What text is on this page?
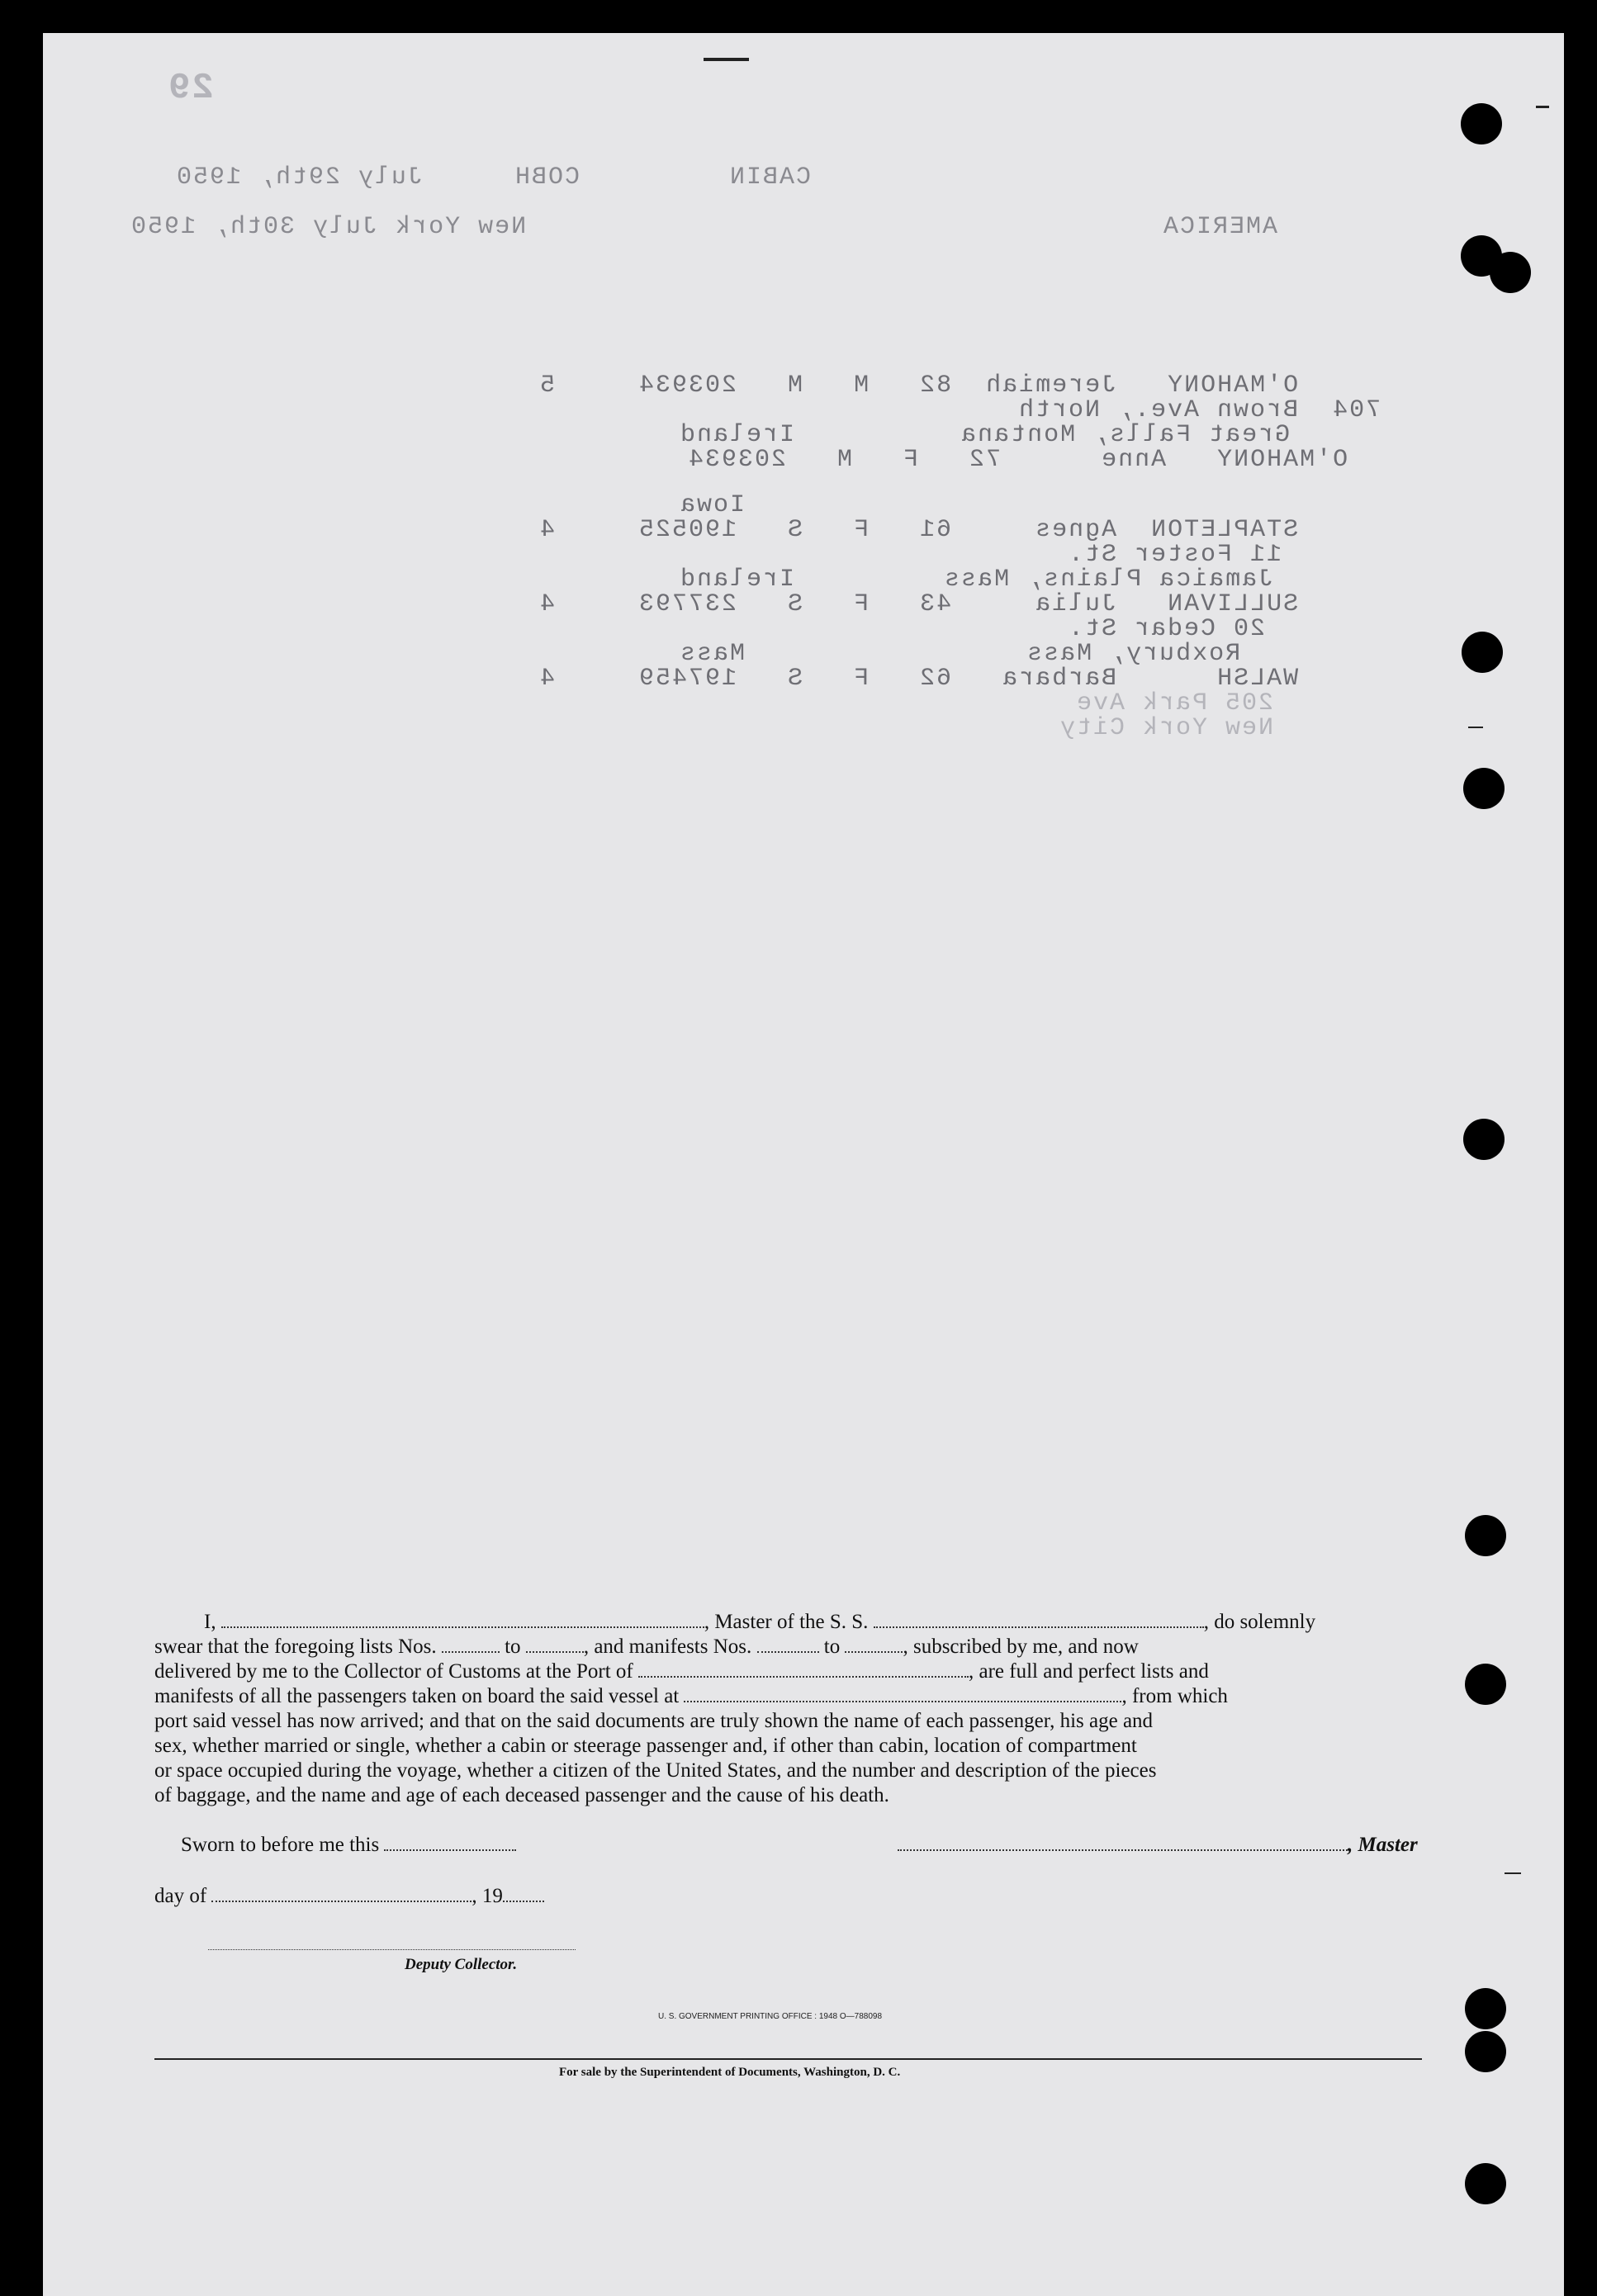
29
July 29th, 1950	COBH	CABIN
New York July 30th, 1950	AMERICA
O'MAHONY   Jeremiah  82   M   M   203934     5
704  Brown Ave., North
Great Falls, Montana          Ireland
O'MAHONY   Anne      72   F   M   203934
Iowa
STAPLETON  Agnes     61   F   S   190525     4
11 Foster St.
Jamaica Plains, Mass         Ireland
SULLIVAN   Julia     43   F   S   237793     4
20 Cedar St.
Roxbury, Mass                 Mass
WALSH      Barbara   62   F   S   197459     4
205 Park Ave
New York City
I,	, Master of the S. S.	, do solemnly
swear that the foregoing lists Nos.	to	, and manifests Nos.	to	, subscribed by me, and now
delivered by me to the Collector of Customs at the Port of	, are full and perfect lists and
manifests of all the passengers taken on board the said vessel at	, from which
port said vessel has now arrived; and that on the said documents are truly shown the name of each passenger, his age and
sex, whether married or single, whether a cabin or steerage passenger and, if other than cabin, location of compartment
or space occupied during the voyage, whether a citizen of the United States, and the number and description of the pieces
of baggage, and the name and age of each deceased passenger and the cause of his death.
Sworn to before me this	, Master
day of	, 19
Deputy Collector.
U. S. GOVERNMENT PRINTING OFFICE : 1948 O—788098
For sale by the Superintendent of Documents, Washington, D. C.
